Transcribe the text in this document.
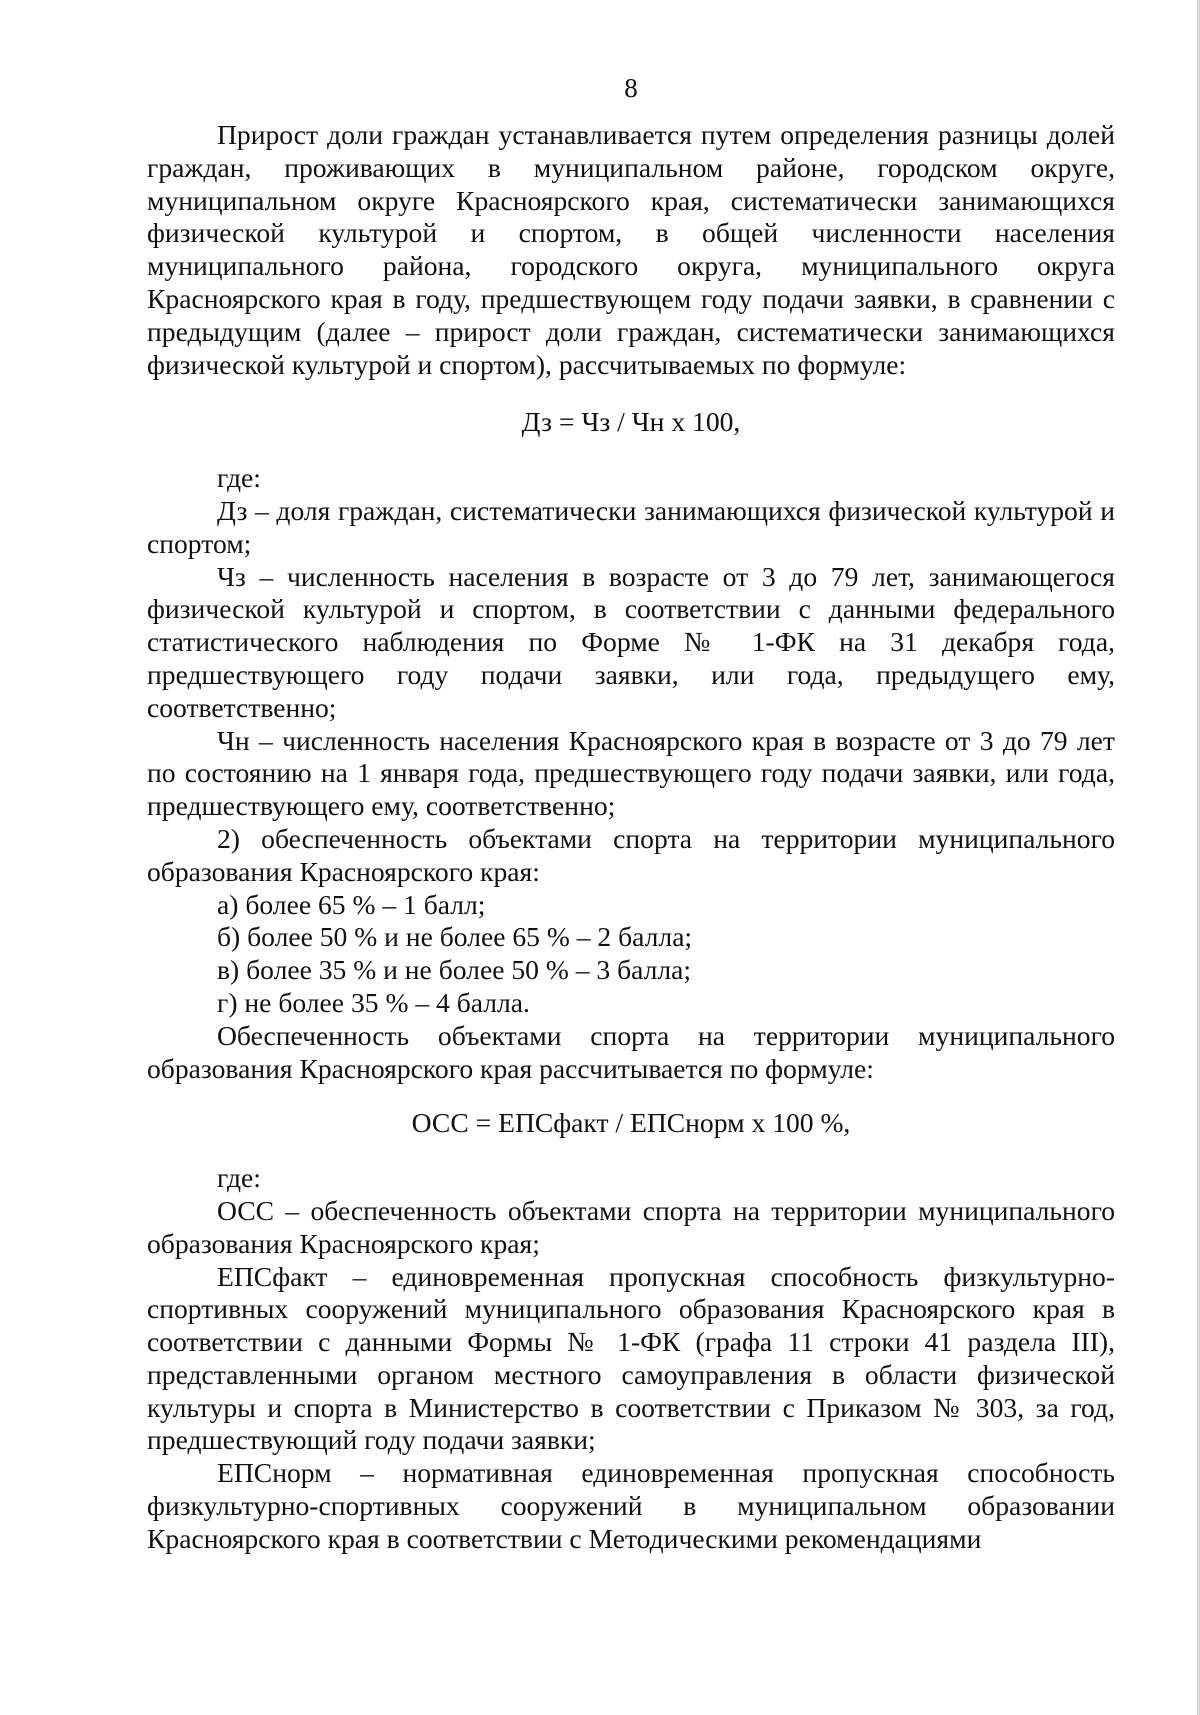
8

Прирост доли граждан устанавливается путем определения разницы долей граждан, проживающих в муниципальном районе, городском округе, муниципальном округе Красноярского края, систематически занимающихся физической культурой и спортом, в общей численности населения муниципального района, городского округа, муниципального округа Красноярского края в году, предшествующем году подачи заявки, в сравнении с предыдущим (далее – прирост доли граждан, систематически занимающихся физической культурой и спортом), рассчитываемых по формуле:

Дз = Чз / Чн х 100,

где:

Дз – доля граждан, систематически занимающихся физической культурой и спортом;

Чз – численность населения в возрасте от 3 до 79 лет, занимающегося физической культурой и спортом, в соответствии с данными федерального статистического наблюдения по Форме № 1-ФК на 31 декабря года, предшествующего году подачи заявки, или года, предыдущего ему, соответственно;

Чн – численность населения Красноярского края в возрасте от 3 до 79 лет по состоянию на 1 января года, предшествующего году подачи заявки, или года, предшествующего ему, соответственно;

2) обеспеченность объектами спорта на территории муниципального образования Красноярского края:

а) более 65 % – 1 балл;

б) более 50 % и не более 65 % – 2 балла;

в) более 35 % и не более 50 % – 3 балла;

г) не более 35 % – 4 балла.

Обеспеченность объектами спорта на территории муниципального образования Красноярского края рассчитывается по формуле:

ОСС = ЕПСфакт / ЕПСнорм х 100 %,

где:

ОСС – обеспеченность объектами спорта на территории муниципального образования Красноярского края;

ЕПСфакт – единовременная пропускная способность физкультурно-спортивных сооружений муниципального образования Красноярского края в соответствии с данными Формы № 1-ФК (графа 11 строки 41 раздела III), представленными органом местного самоуправления в области физической культуры и спорта в Министерство в соответствии с Приказом № 303, за год, предшествующий году подачи заявки;

ЕПСнорм – нормативная единовременная пропускная способность физкультурно-спортивных сооружений в муниципальном образовании Красноярского края в соответствии с Методическими рекомендациями
